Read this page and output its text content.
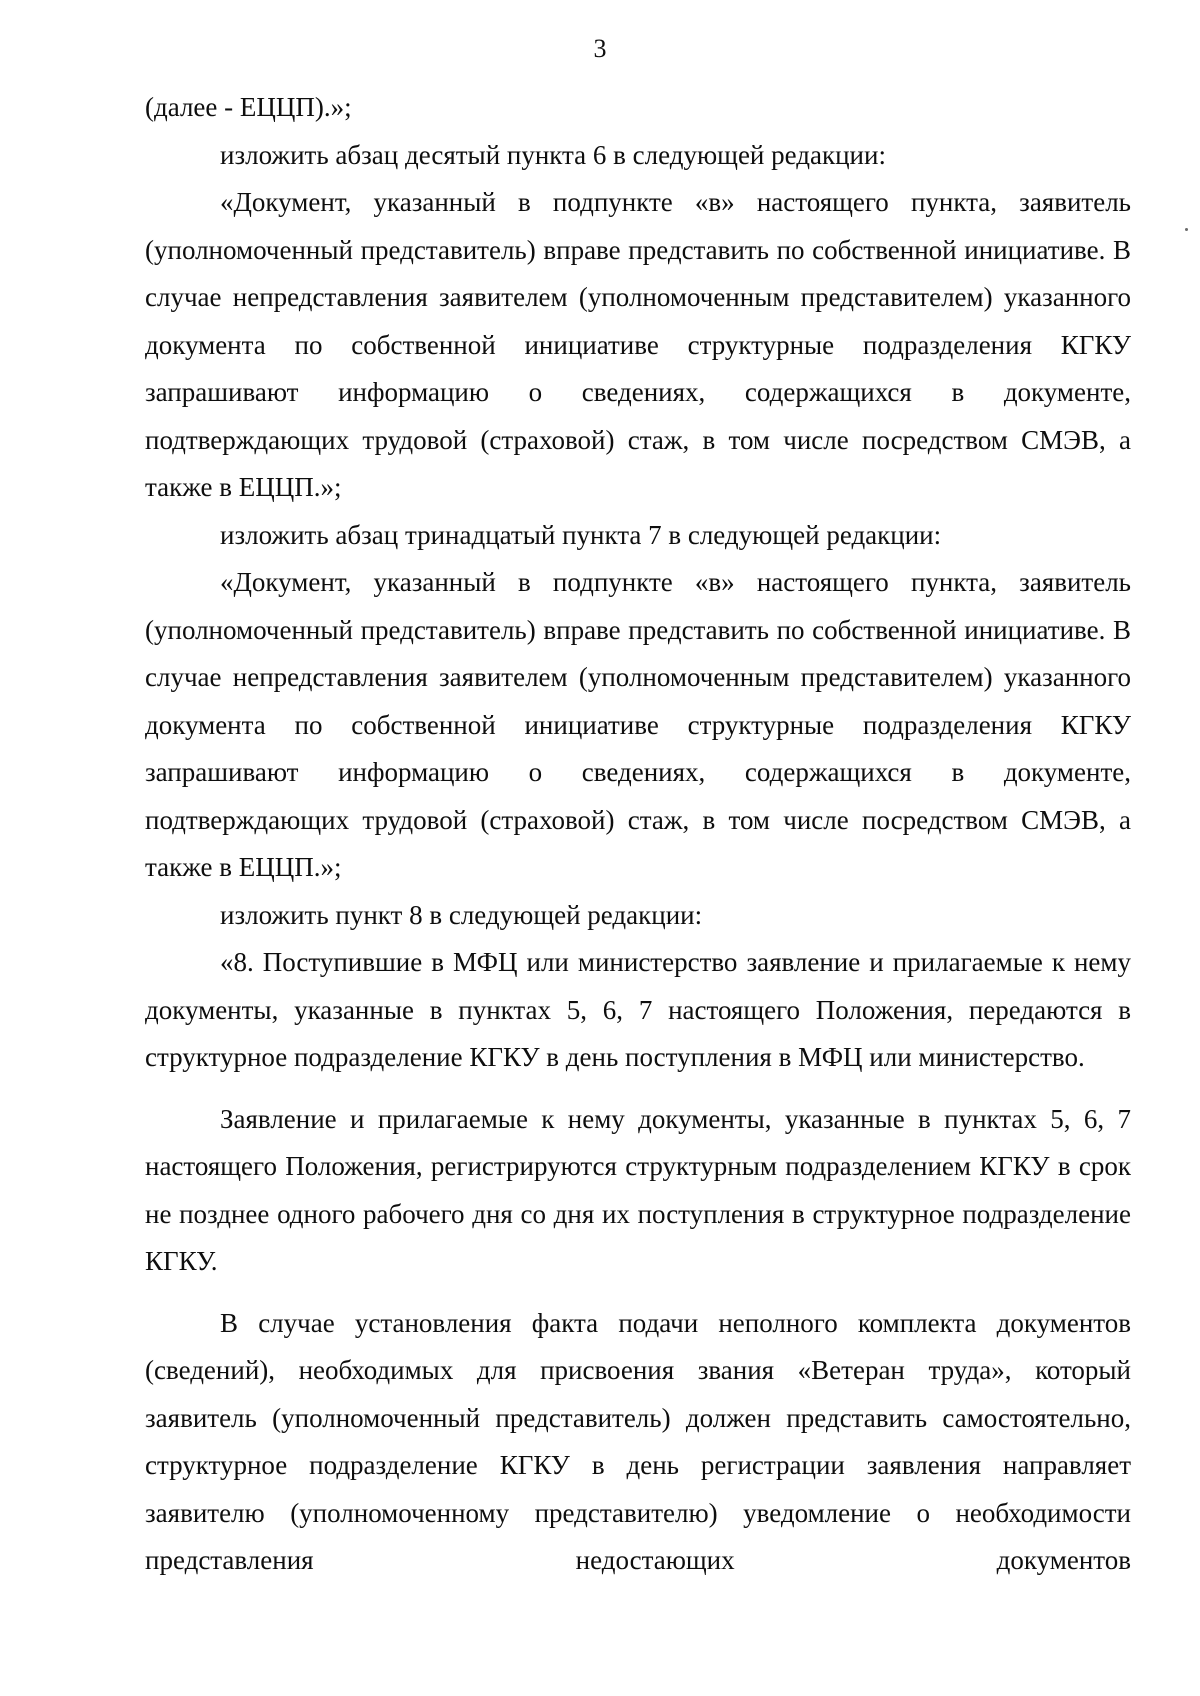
3

(далее - ЕЦЦП).»;

изложить абзац десятый пункта 6 в следующей редакции:

«Документ, указанный в подпункте «в» настоящего пункта, заявитель (уполномоченный представитель) вправе представить по собственной инициативе. В случае непредставления заявителем (уполномоченным представителем) указанного документа по собственной инициативе структурные подразделения КГКУ запрашивают информацию о сведениях, содержащихся в документе, подтверждающих трудовой (страховой) стаж, в том числе посредством СМЭВ, а также в ЕЦЦП.»;

изложить абзац тринадцатый пункта 7 в следующей редакции:

«Документ, указанный в подпункте «в» настоящего пункта, заявитель (уполномоченный представитель) вправе представить по собственной инициативе. В случае непредставления заявителем (уполномоченным представителем) указанного документа по собственной инициативе структурные подразделения КГКУ запрашивают информацию о сведениях, содержащихся в документе, подтверждающих трудовой (страховой) стаж, в том числе посредством СМЭВ, а также в ЕЦЦП.»;

изложить пункт 8 в следующей редакции:

«8. Поступившие в МФЦ или министерство заявление и прилагаемые к нему документы, указанные в пунктах 5, 6, 7 настоящего Положения, передаются в структурное подразделение КГКУ в день поступления в МФЦ или министерство.

Заявление и прилагаемые к нему документы, указанные в пунктах 5, 6, 7 настоящего Положения, регистрируются структурным подразделением КГКУ в срок не позднее одного рабочего дня со дня их поступления в структурное подразделение КГКУ.

В случае установления факта подачи неполного комплекта документов (сведений), необходимых для присвоения звания «Ветеран труда», который заявитель (уполномоченный представитель) должен представить самостоятельно, структурное подразделение КГКУ в день регистрации заявления направляет заявителю (уполномоченному представителю) уведомление о необходимости представления недостающих документов
